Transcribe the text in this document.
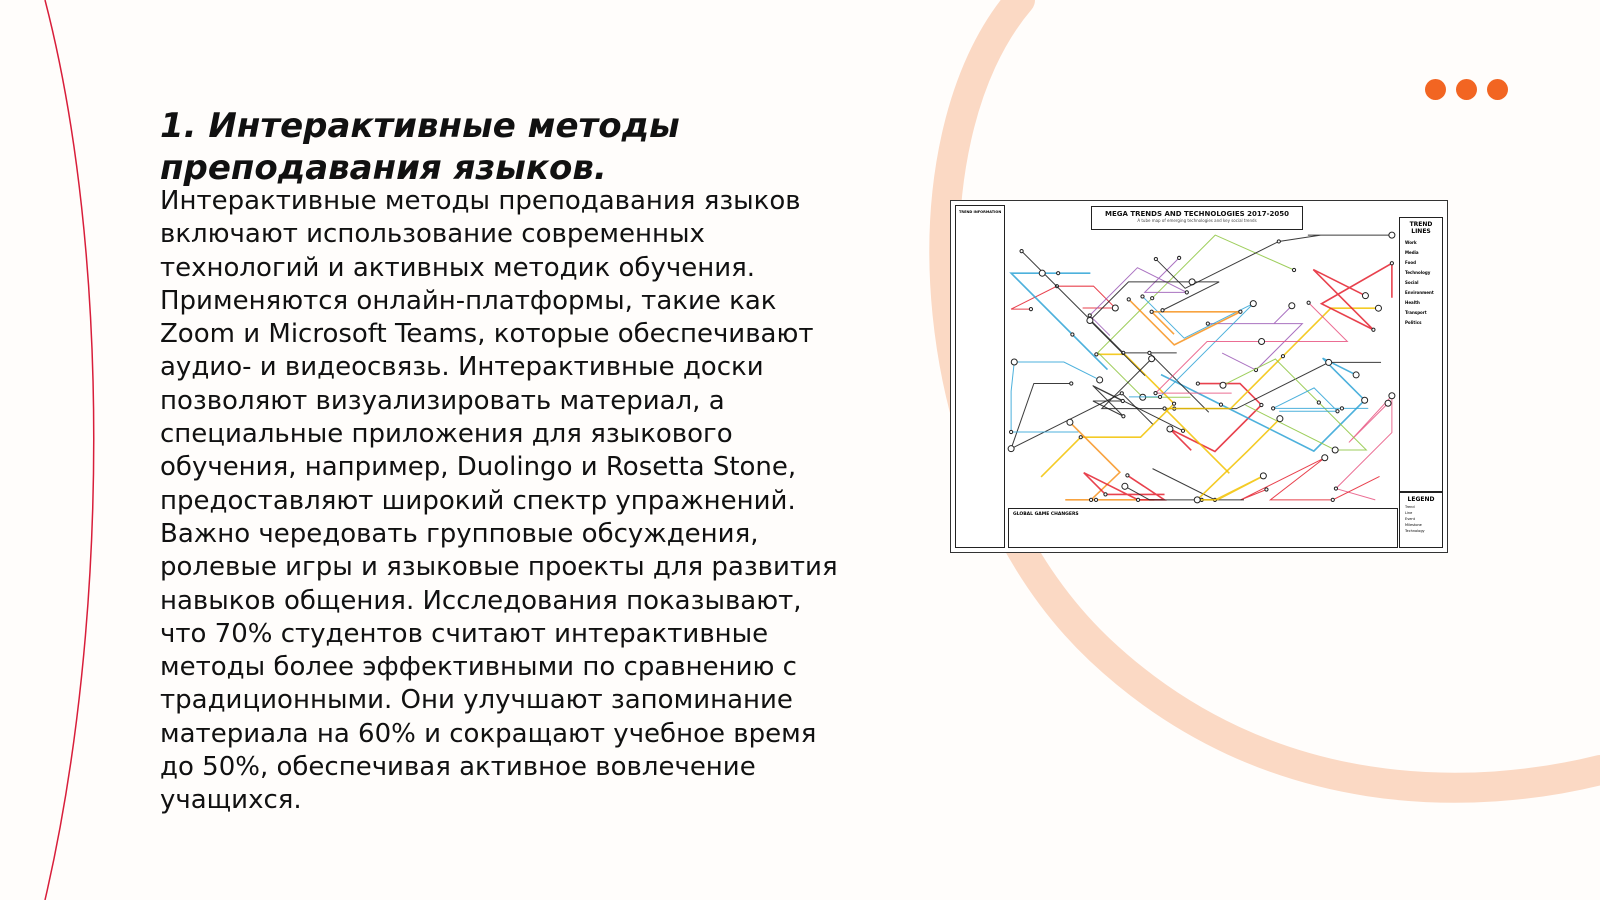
1. Интерактивные методы преподавания языков.

Интерактивные методы преподавания языков включают использование современных технологий и активных методик обучения. Применяются онлайн-платформы, такие как Zoom и Microsoft Teams, которые обеспечивают аудио- и видеосвязь. Интерактивные доски позволяют визуализировать материал, а специальные приложения для языкового обучения, например, Duolingo и Rosetta Stone, предоставляют широкий спектр упражнений. Важно чередовать групповые обсуждения, ролевые игры и языковые проекты для развития навыков общения. Исследования показывают, что 70% студентов считают интерактивные методы более эффективными по сравнению с традиционными. Они улучшают запоминание материала на 60% и сокращают учебное время до 50%, обеспечивая активное вовлечение учащихся.

TREND INFORMATION	MEGA TRENDS AND TECHNOLOGIES 2017-2050
A tube map of emerging technologies and key social trends
TREND LINES
Work
Media
Food
Technology
Social
Environment
Health
Transport
Politics
LEGEND
Trend
Line
Event
Milestone
Technology
GLOBAL GAME CHANGERS
